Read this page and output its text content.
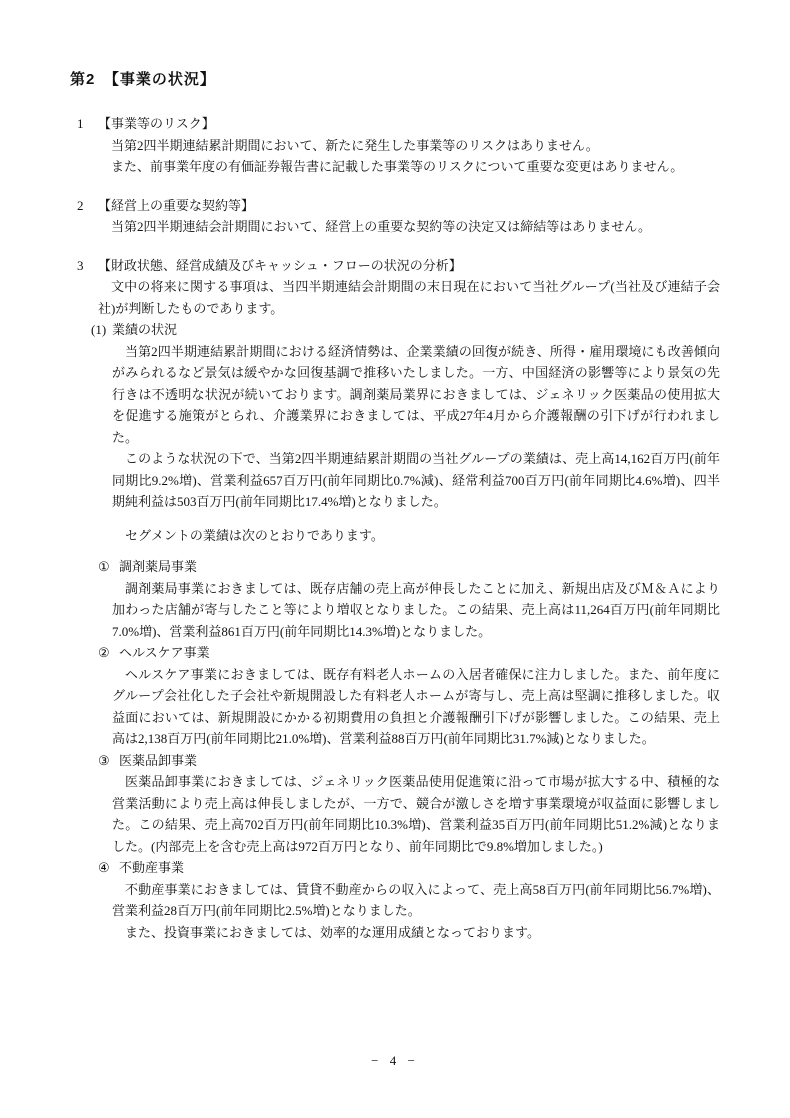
第2　【事業の状況】
1	【事業等のリスク】

当第2四半期連結累計期間において、新たに発生した事業等のリスクはありません。

また、前事業年度の有価証券報告書に記載した事業等のリスクについて重要な変更はありません。

2	【経営上の重要な契約等】

当第2四半期連結会計期間において、経営上の重要な契約等の決定又は締結等はありません。

3	【財政状態、経営成績及びキャッシュ・フローの状況の分析】

文中の将来に関する事項は、当四半期連結会計期間の末日現在において当社グループ(当社及び連結子会社)が判断したものであります。

(1) 業績の状況

当第2四半期連結累計期間における経済情勢は、企業業績の回復が続き、所得・雇用環境にも改善傾向がみられるなど景気は緩やかな回復基調で推移いたしました。一方、中国経済の影響等により景気の先行きは不透明な状況が続いております。調剤薬局業界におきましては、ジェネリック医薬品の使用拡大を促進する施策がとられ、介護業界におきましては、平成27年4月から介護報酬の引下げが行われました。

このような状況の下で、当第2四半期連結累計期間の当社グループの業績は、売上高14,162百万円(前年同期比9.2%増)、営業利益657百万円(前年同期比0.7%減)、経常利益700百万円(前年同期比4.6%増)、四半期純利益は503百万円(前年同期比17.4%増)となりました。

セグメントの業績は次のとおりであります。

① 調剤薬局事業

調剤薬局事業におきましては、既存店舗の売上高が伸長したことに加え、新規出店及びＭ＆Ａにより加わった店舗が寄与したこと等により増収となりました。この結果、売上高は11,264百万円(前年同期比7.0%増)、営業利益861百万円(前年同期比14.3%増)となりました。

② ヘルスケア事業

ヘルスケア事業におきましては、既存有料老人ホームの入居者確保に注力しました。また、前年度にグループ会社化した子会社や新規開設した有料老人ホームが寄与し、売上高は堅調に推移しました。収益面においては、新規開設にかかる初期費用の負担と介護報酬引下げが影響しました。この結果、売上高は2,138百万円(前年同期比21.0%増)、営業利益88百万円(前年同期比31.7%減)となりました。

③ 医薬品卸事業

医薬品卸事業におきましては、ジェネリック医薬品使用促進策に沿って市場が拡大する中、積極的な営業活動により売上高は伸長しましたが、一方で、競合が激しさを増す事業環境が収益面に影響しました。この結果、売上高702百万円(前年同期比10.3%増)、営業利益35百万円(前年同期比51.2%減)となりました。(内部売上を含む売上高は972百万円となり、前年同期比で9.8%増加しました。)

④ 不動産事業

不動産事業におきましては、賃貸不動産からの収入によって、売上高58百万円(前年同期比56.7%増)、営業利益28百万円(前年同期比2.5%増)となりました。

また、投資事業におきましては、効率的な運用成績となっております。

− 4 −
